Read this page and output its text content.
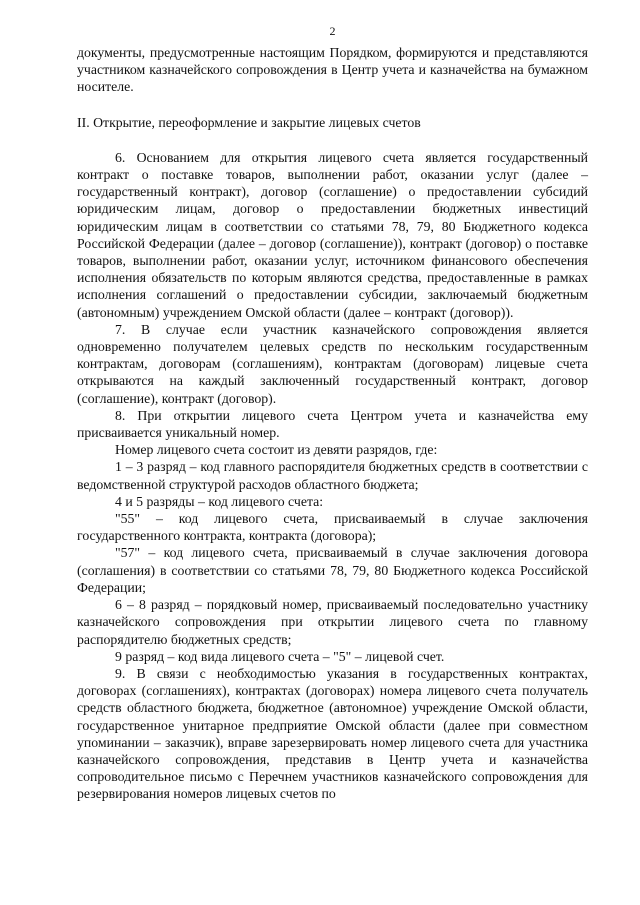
2

документы, предусмотренные настоящим Порядком, формируются и представляются участником казначейского сопровождения в Центр учета и казначейства на бумажном носителе.

II. Открытие, переоформление и закрытие лицевых счетов

6. Основанием для открытия лицевого счета является государственный контракт о поставке товаров, выполнении работ, оказании услуг (далее – государственный контракт), договор (соглашение) о предоставлении субсидий юридическим лицам, договор о предоставлении бюджетных инвестиций юридическим лицам в соответствии со статьями 78, 79, 80 Бюджетного кодекса Российской Федерации (далее – договор (соглашение)), контракт (договор) о поставке товаров, выполнении работ, оказании услуг, источником финансового обеспечения исполнения обязательств по которым являются средства, предоставленные в рамках исполнения соглашений о предоставлении субсидии, заключаемый бюджетным (автономным) учреждением Омской области (далее – контракт (договор)).

7. В случае если участник казначейского сопровождения является одновременно получателем целевых средств по нескольким государственным контрактам, договорам (соглашениям), контрактам (договорам) лицевые счета открываются на каждый заключенный государственный контракт, договор (соглашение), контракт (договор).

8. При открытии лицевого счета Центром учета и казначейства ему присваивается уникальный номер.

Номер лицевого счета состоит из девяти разрядов, где:

1 – 3 разряд – код главного распорядителя бюджетных средств в соответствии с ведомственной структурой расходов областного бюджета;

4 и 5 разряды – код лицевого счета:

"55" – код лицевого счета, присваиваемый в случае заключения государственного контракта, контракта (договора);

"57" – код лицевого счета, присваиваемый в случае заключения договора (соглашения) в соответствии со статьями 78, 79, 80 Бюджетного кодекса Российской Федерации;

6 – 8 разряд – порядковый номер, присваиваемый последовательно участнику казначейского сопровождения при открытии лицевого счета по главному распорядителю бюджетных средств;

9 разряд – код вида лицевого счета – "5" – лицевой счет.

9. В связи с необходимостью указания в государственных контрактах, договорах (соглашениях), контрактах (договорах) номера лицевого счета получатель средств областного бюджета, бюджетное (автономное) учреждение Омской области, государственное унитарное предприятие Омской области (далее при совместном упоминании – заказчик), вправе зарезервировать номер лицевого счета для участника казначейского сопровождения, представив в Центр учета и казначейства сопроводительное письмо с Перечнем участников казначейского сопровождения для резервирования номеров лицевых счетов по
